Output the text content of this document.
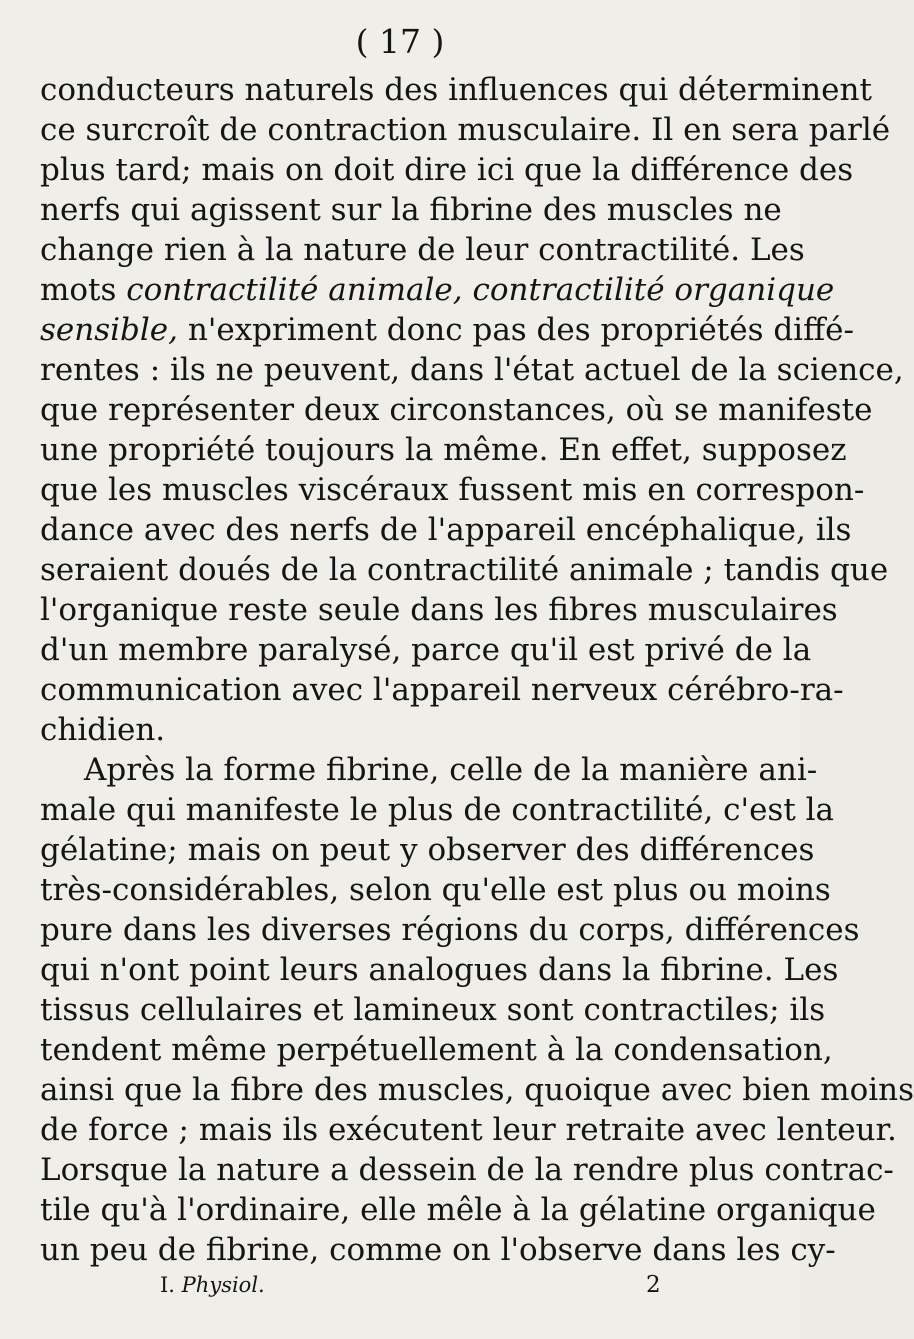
( 17 )
conducteurs naturels des influences qui déterminent
ce surcroît de contraction musculaire. Il en sera parlé
plus tard; mais on doit dire ici que la différence des
nerfs qui agissent sur la fibrine des muscles ne
change rien à la nature de leur contractilité. Les
mots contractilité animale, contractilité organique
sensible, n'expriment donc pas des propriétés diffé-
rentes : ils ne peuvent, dans l'état actuel de la science,
que représenter deux circonstances, où se manifeste
une propriété toujours la même. En effet, supposez
que les muscles viscéraux fussent mis en correspon-
dance avec des nerfs de l'appareil encéphalique, ils
seraient doués de la contractilité animale ; tandis que
l'organique reste seule dans les fibres musculaires
d'un membre paralysé, parce qu'il est privé de la
communication avec l'appareil nerveux cérébro-ra-
chidien.
Après la forme fibrine, celle de la manière ani-
male qui manifeste le plus de contractilité, c'est la
gélatine; mais on peut y observer des différences
très-considérables, selon qu'elle est plus ou moins
pure dans les diverses régions du corps, différences
qui n'ont point leurs analogues dans la fibrine. Les
tissus cellulaires et lamineux sont contractiles; ils
tendent même perpétuellement à la condensation,
ainsi que la fibre des muscles, quoique avec bien moins
de force ; mais ils exécutent leur retraite avec lenteur.
Lorsque la nature a dessein de la rendre plus contrac-
tile qu'à l'ordinaire, elle mêle à la gélatine organique
un peu de fibrine, comme on l'observe dans les cy-
I. Physiol.	2
